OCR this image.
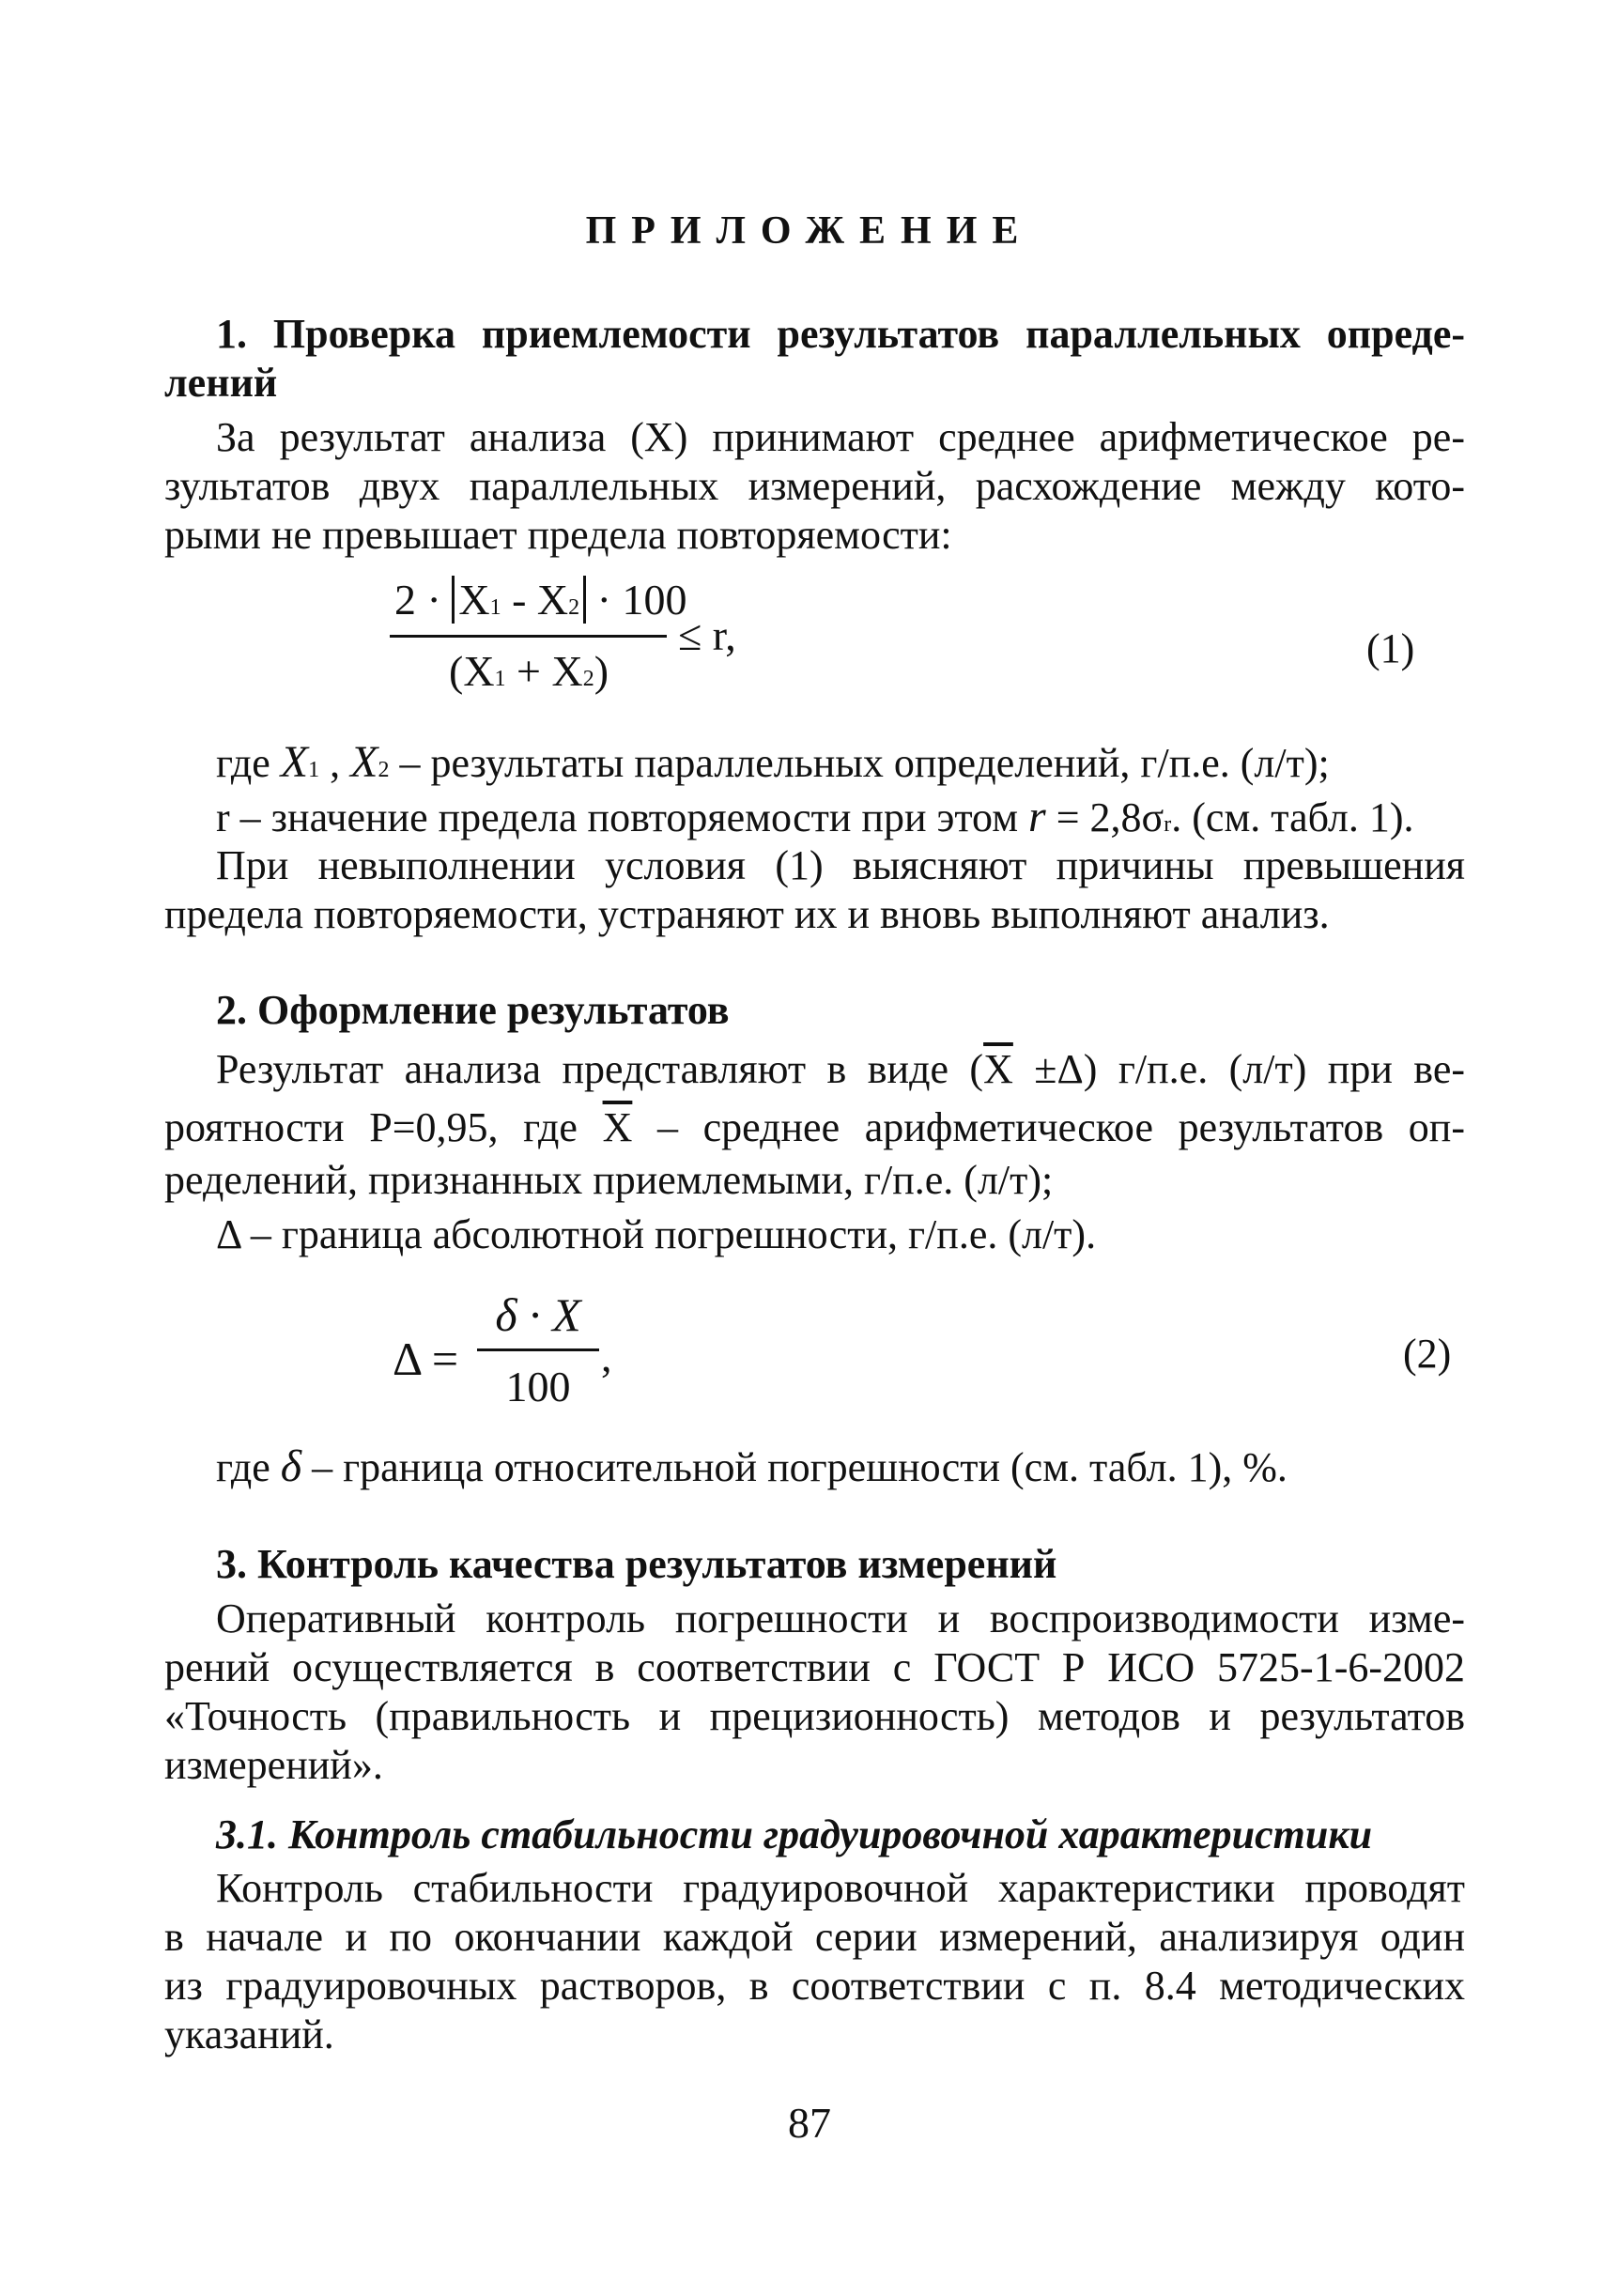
ПРИЛОЖЕНИЕ
1. Проверка приемлемости результатов параллельных опреде-
лений
За результат анализа (X) принимают среднее арифметическое ре-
зультатов двух параллельных измерений, расхождение между кото-
рыми не превышает предела повторяемости:
2 · X1 - X2 · 100
(X1 + X2)
≤ r,	(1)
где X1 , X2 – результаты параллельных определений, г/п.е. (л/т);
r – значение предела повторяемости при этом r = 2,8σr. (см. табл. 1).
При невыполнении условия (1) выясняют причины превышения
предела повторяемости, устраняют их и вновь выполняют анализ.
2. Оформление результатов
Результат анализа представляют в виде $(\overline{X} \pm\Delta)$ г/п.е. (л/т) при ве-
роятности P=0,95, где $\overline{X}$ – среднее арифметическое результатов оп-
ределений, признанных приемлемыми, г/п.е. (л/т);
Δ – граница абсолютной погрешности, г/п.е. (л/т).
Δ =
δ · X
100
,	(2)
где δ – граница относительной погрешности (см. табл. 1), %.
3. Контроль качества результатов измерений
Оперативный контроль погрешности и воспроизводимости изме-
рений осуществляется в соответствии с ГОСТ Р ИСО 5725-1-6-2002
«Точность (правильность и прецизионность) методов и результатов
измерений».
3.1. Контроль стабильности градуировочной характеристики
Контроль стабильности градуировочной характеристики проводят
в начале и по окончании каждой серии измерений, анализируя один
из градуировочных растворов, в соответствии с п. 8.4 методических
указаний.
87
